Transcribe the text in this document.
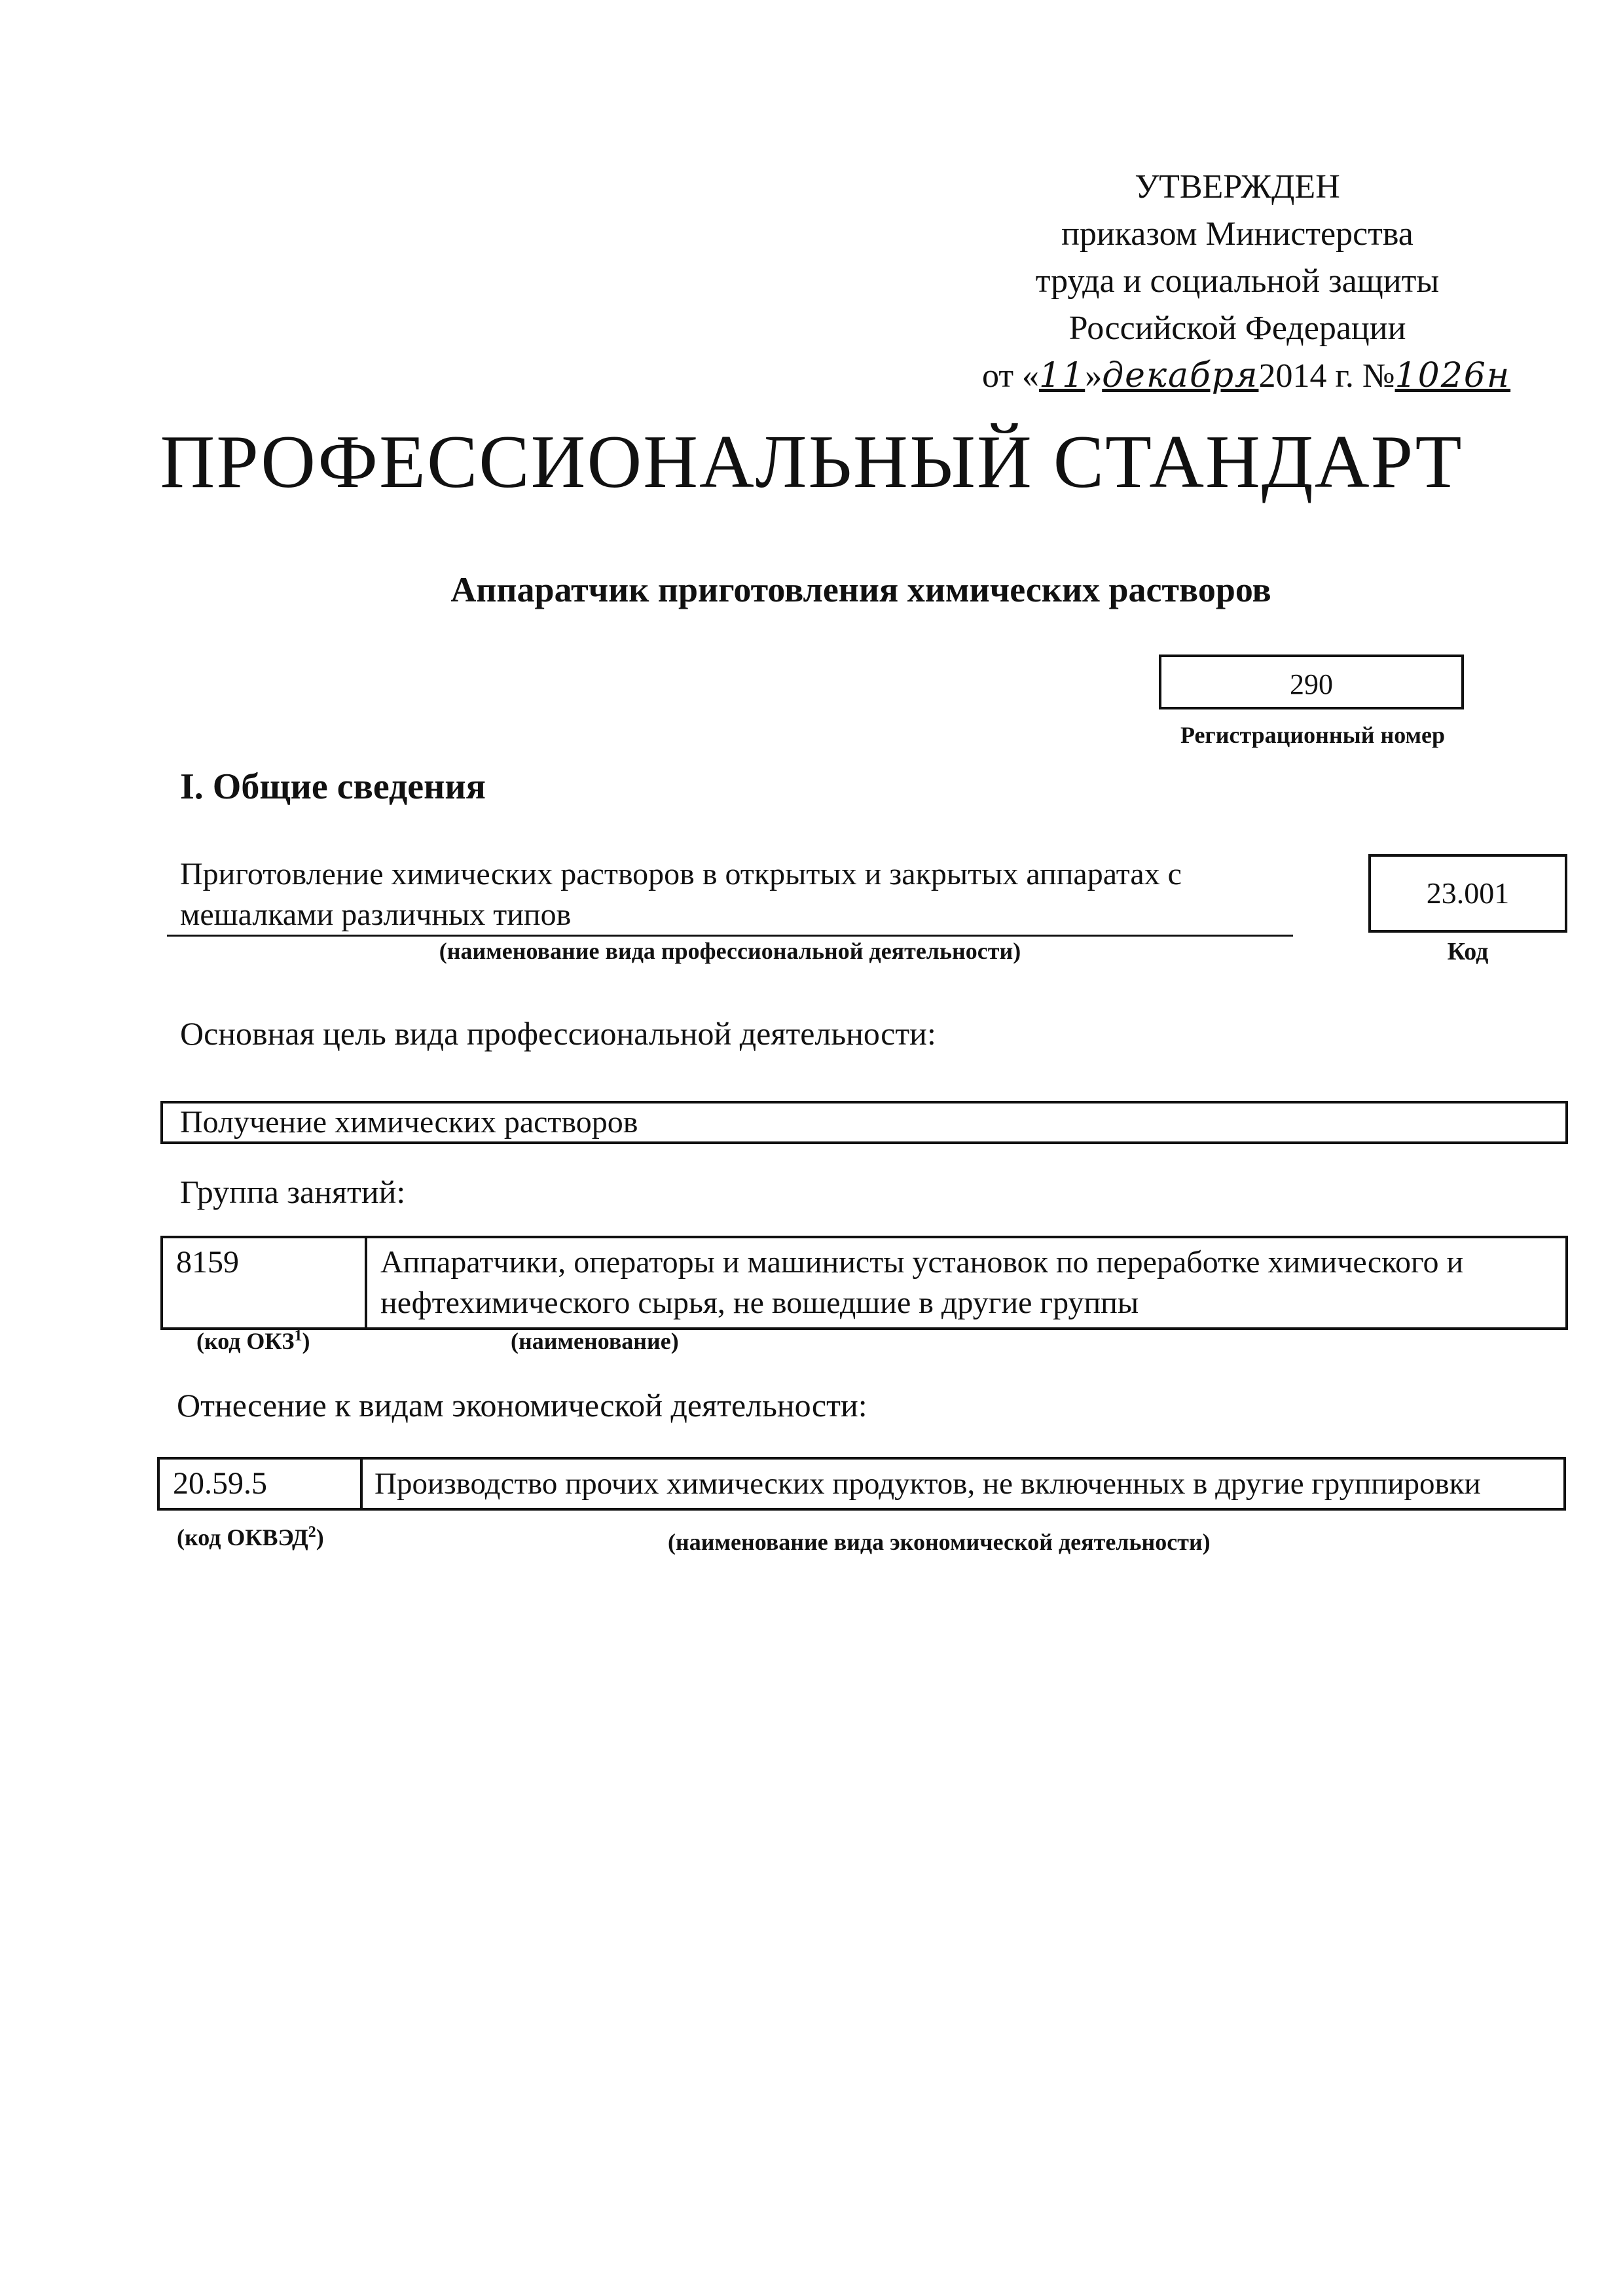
УТВЕРЖДЕН
приказом Министерства
труда и социальной защиты
Российской Федерации
от «11»декабря2014 г. №1026н
ПРОФЕССИОНАЛЬНЫЙ СТАНДАРТ
Аппаратчик приготовления химических растворов
290
Регистрационный номер
I. Общие сведения
Приготовление химических растворов в открытых и закрытых аппаратах с мешалками различных типов
(наименование вида профессиональной деятельности)
23.001
Код
Основная цель вида профессиональной деятельности:
Получение химических растворов
Группа занятий:
8159	Аппаратчики, операторы и машинисты установок по переработке химического и нефтехимического сырья, не вошедшие в другие группы
(код ОКЗ$^1$)	(наименование)
Отнесение к видам экономической деятельности:
20.59.5	Производство прочих химических продуктов, не включенных в другие группировки
(код ОКВЭД$^2$)	(наименование вида экономической деятельности)
